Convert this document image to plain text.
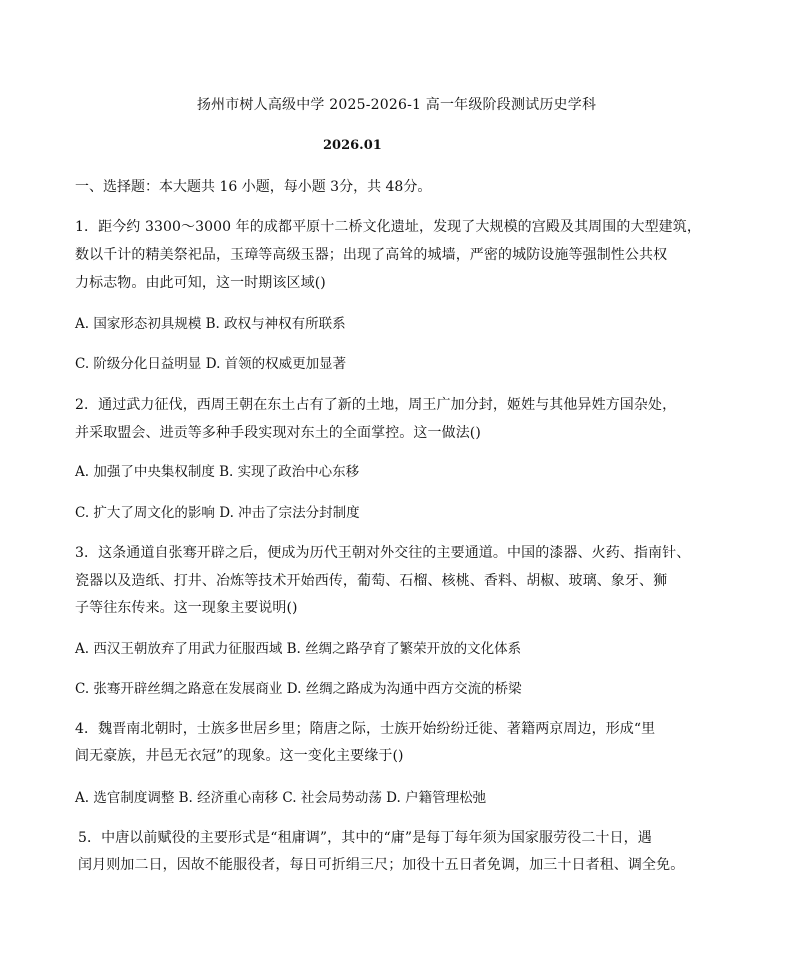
扬州市树人高级中学 2025-2026-1 高一年级阶段测试历史学科
2026.01
一、选择题：本大题共 16 小题，每小题 3分，共 48分。
1．距今约 3300～3000 年的成都平原十二桥文化遗址，发现了大规模的宫殿及其周围的大型建筑，
数以千计的精美祭祀品，玉璋等高级玉器；出现了高耸的城墙，严密的城防设施等强制性公共权
力标志物。由此可知，这一时期该区域()
A. 国家形态初具规模 B. 政权与神权有所联系
C. 阶级分化日益明显 D. 首领的权威更加显著
2．通过武力征伐，西周王朝在东土占有了新的土地，周王广加分封，姬姓与其他异姓方国杂处，
并采取盟会、进贡等多种手段实现对东土的全面掌控。这一做法()
A. 加强了中央集权制度 B. 实现了政治中心东移
C. 扩大了周文化的影响 D. 冲击了宗法分封制度
3．这条通道自张骞开辟之后，便成为历代王朝对外交往的主要通道。中国的漆器、火药、指南针、
瓷器以及造纸、打井、冶炼等技术开始西传，葡萄、石榴、核桃、香料、胡椒、玻璃、象牙、狮
子等往东传来。这一现象主要说明()
A. 西汉王朝放弃了用武力征服西域 B. 丝绸之路孕育了繁荣开放的文化体系
C. 张骞开辟丝绸之路意在发展商业 D. 丝绸之路成为沟通中西方交流的桥梁
4．魏晋南北朝时，士族多世居乡里；隋唐之际，士族开始纷纷迁徙、著籍两京周边，形成“里
闾无豪族，井邑无衣冠”的现象。这一变化主要缘于()
A. 选官制度调整 B. 经济重心南移 C. 社会局势动荡 D. 户籍管理松弛
5．中唐以前赋役的主要形式是“租庸调”，其中的“庸”是每丁每年须为国家服劳役二十日，遇
闰月则加二日，因故不能服役者，每日可折绢三尺；加役十五日者免调，加三十日者租、调全免。
